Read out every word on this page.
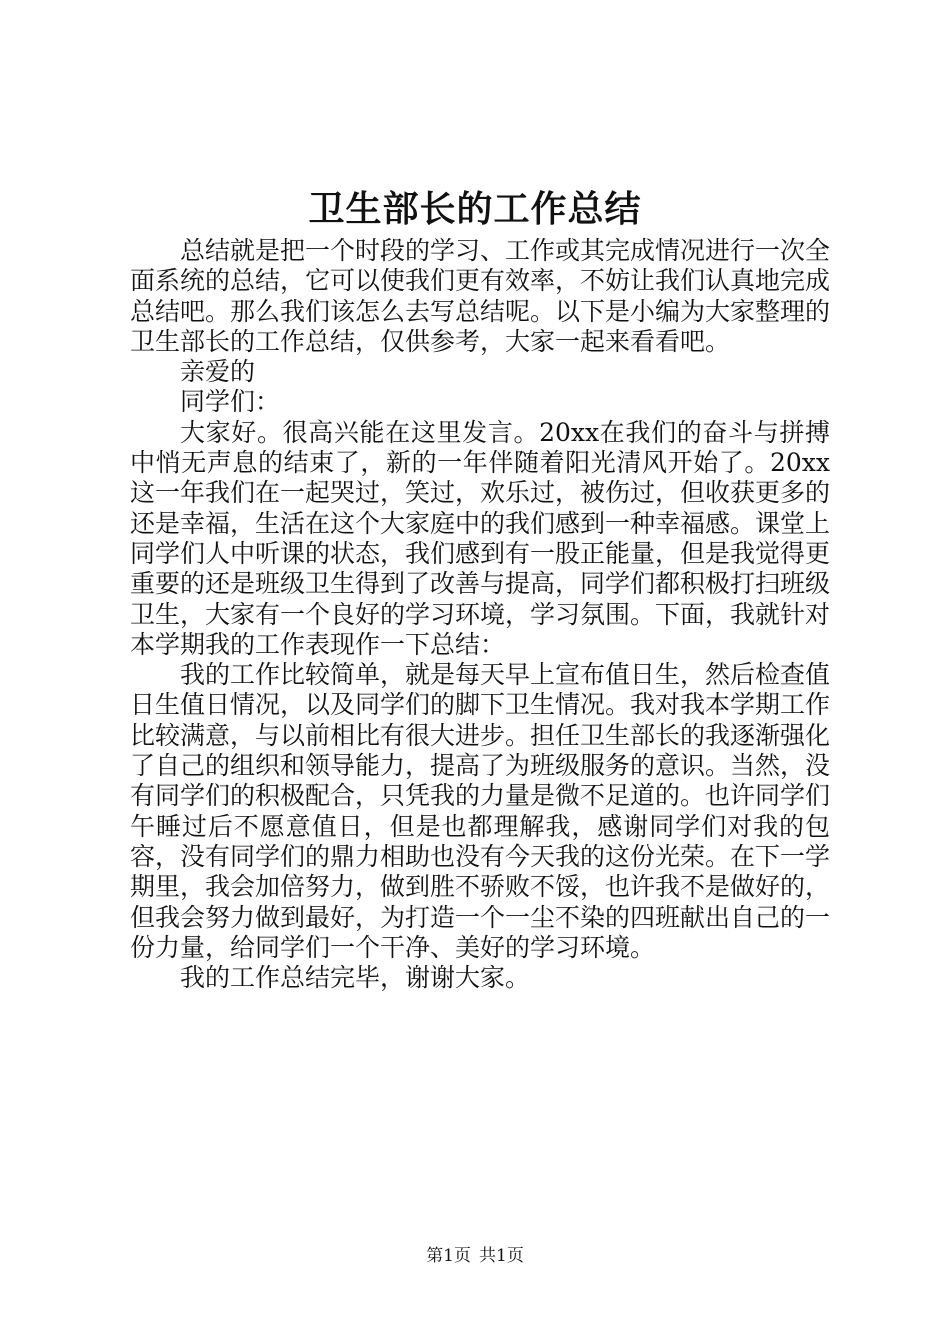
卫生部长的工作总结

总结就是把一个时段的学习、工作或其完成情况进行一次全面系统的总结，它可以使我们更有效率，不妨让我们认真地完成总结吧。那么我们该怎么去写总结呢。以下是小编为大家整理的卫生部长的工作总结，仅供参考，大家一起来看看吧。

亲爱的

同学们：

大家好。很高兴能在这里发言。20xx在我们的奋斗与拼搏中悄无声息的结束了，新的一年伴随着阳光清风开始了。20xx这一年我们在一起哭过，笑过，欢乐过，被伤过，但收获更多的还是幸福，生活在这个大家庭中的我们感到一种幸福感。课堂上同学们人中听课的状态，我们感到有一股正能量，但是我觉得更重要的还是班级卫生得到了改善与提高，同学们都积极打扫班级卫生，大家有一个良好的学习环境，学习氛围。下面，我就针对本学期我的工作表现作一下总结：

我的工作比较简单，就是每天早上宣布值日生，然后检查值日生值日情况，以及同学们的脚下卫生情况。我对我本学期工作比较满意，与以前相比有很大进步。担任卫生部长的我逐渐强化了自己的组织和领导能力，提高了为班级服务的意识。当然，没有同学们的积极配合，只凭我的力量是微不足道的。也许同学们午睡过后不愿意值日，但是也都理解我，感谢同学们对我的包容，没有同学们的鼎力相助也没有今天我的这份光荣。在下一学期里，我会加倍努力，做到胜不骄败不馁，也许我不是做好的，但我会努力做到最好，为打造一个一尘不染的四班献出自己的一份力量，给同学们一个干净、美好的学习环境。

我的工作总结完毕，谢谢大家。

第1页 共1页
